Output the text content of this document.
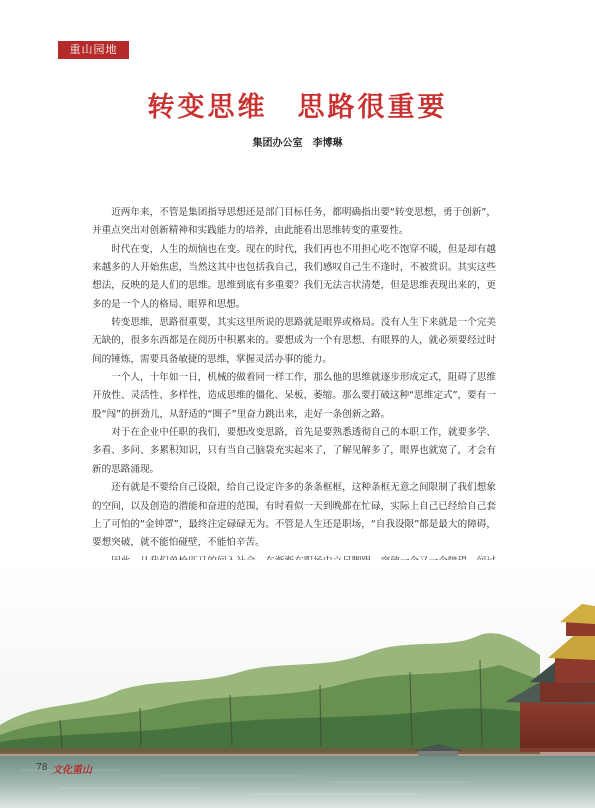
重山园地
转变思维　思路很重要
集团办公室　李博琳

近两年来，不管是集团指导思想还是部门目标任务，都明确指出要“转变思想，勇于创新”，并重点突出对创新精神和实践能力的培养，由此能看出思维转变的重要性。

时代在变，人生的烦恼也在变。现在的时代，我们再也不用担心吃不饱穿不暖，但是却有越来越多的人开始焦虑，当然这其中也包括我自己，我们感叹自己生不逢时，不被赏识。其实这些想法，反映的是人们的思维。思维到底有多重要？我们无法言状清楚，但是思维表现出来的，更多的是一个人的格局、眼界和思想。

转变思维，思路很重要，其实这里所说的思路就是眼界或格局。没有人生下来就是一个完美无缺的，很多东西都是在阅历中积累来的。要想成为一个有思想、有眼界的人，就必须要经过时间的锤炼，需要具备敏捷的思维，掌握灵活办事的能力。

一个人，十年如一日，机械的做着同一样工作，那么他的思维就逐步形成定式，阻碍了思维开放性、灵活性、多样性，造成思维的僵化、呆板、萎缩。那么要打破这种“思维定式”，要有一股“闯”的拼劲儿，从舒适的“圈子”里奋力跳出来，走好一条创新之路。

对于在企业中任职的我们，要想改变思路，首先是要熟悉透彻自己的本职工作，就要多学、多看、多问、多累积知识，只有当自己脑袋充实起来了，了解见解多了，眼界也就宽了，才会有新的思路涌现。

还有就是不要给自己设限，给自己设定许多的条条框框，这种条框无意之间限制了我们想象的空间，以及创造的潜能和奋进的范围，有时看似一天到晚都在忙碌，实际上自己已经给自己套上了可怕的“金钟罩”，最终注定碌碌无为。不管是人生还是职场，“自我设限”都是最大的障碍，要想突破，就不能怕碰壁，不能怕辛苦。

78 文化重山
